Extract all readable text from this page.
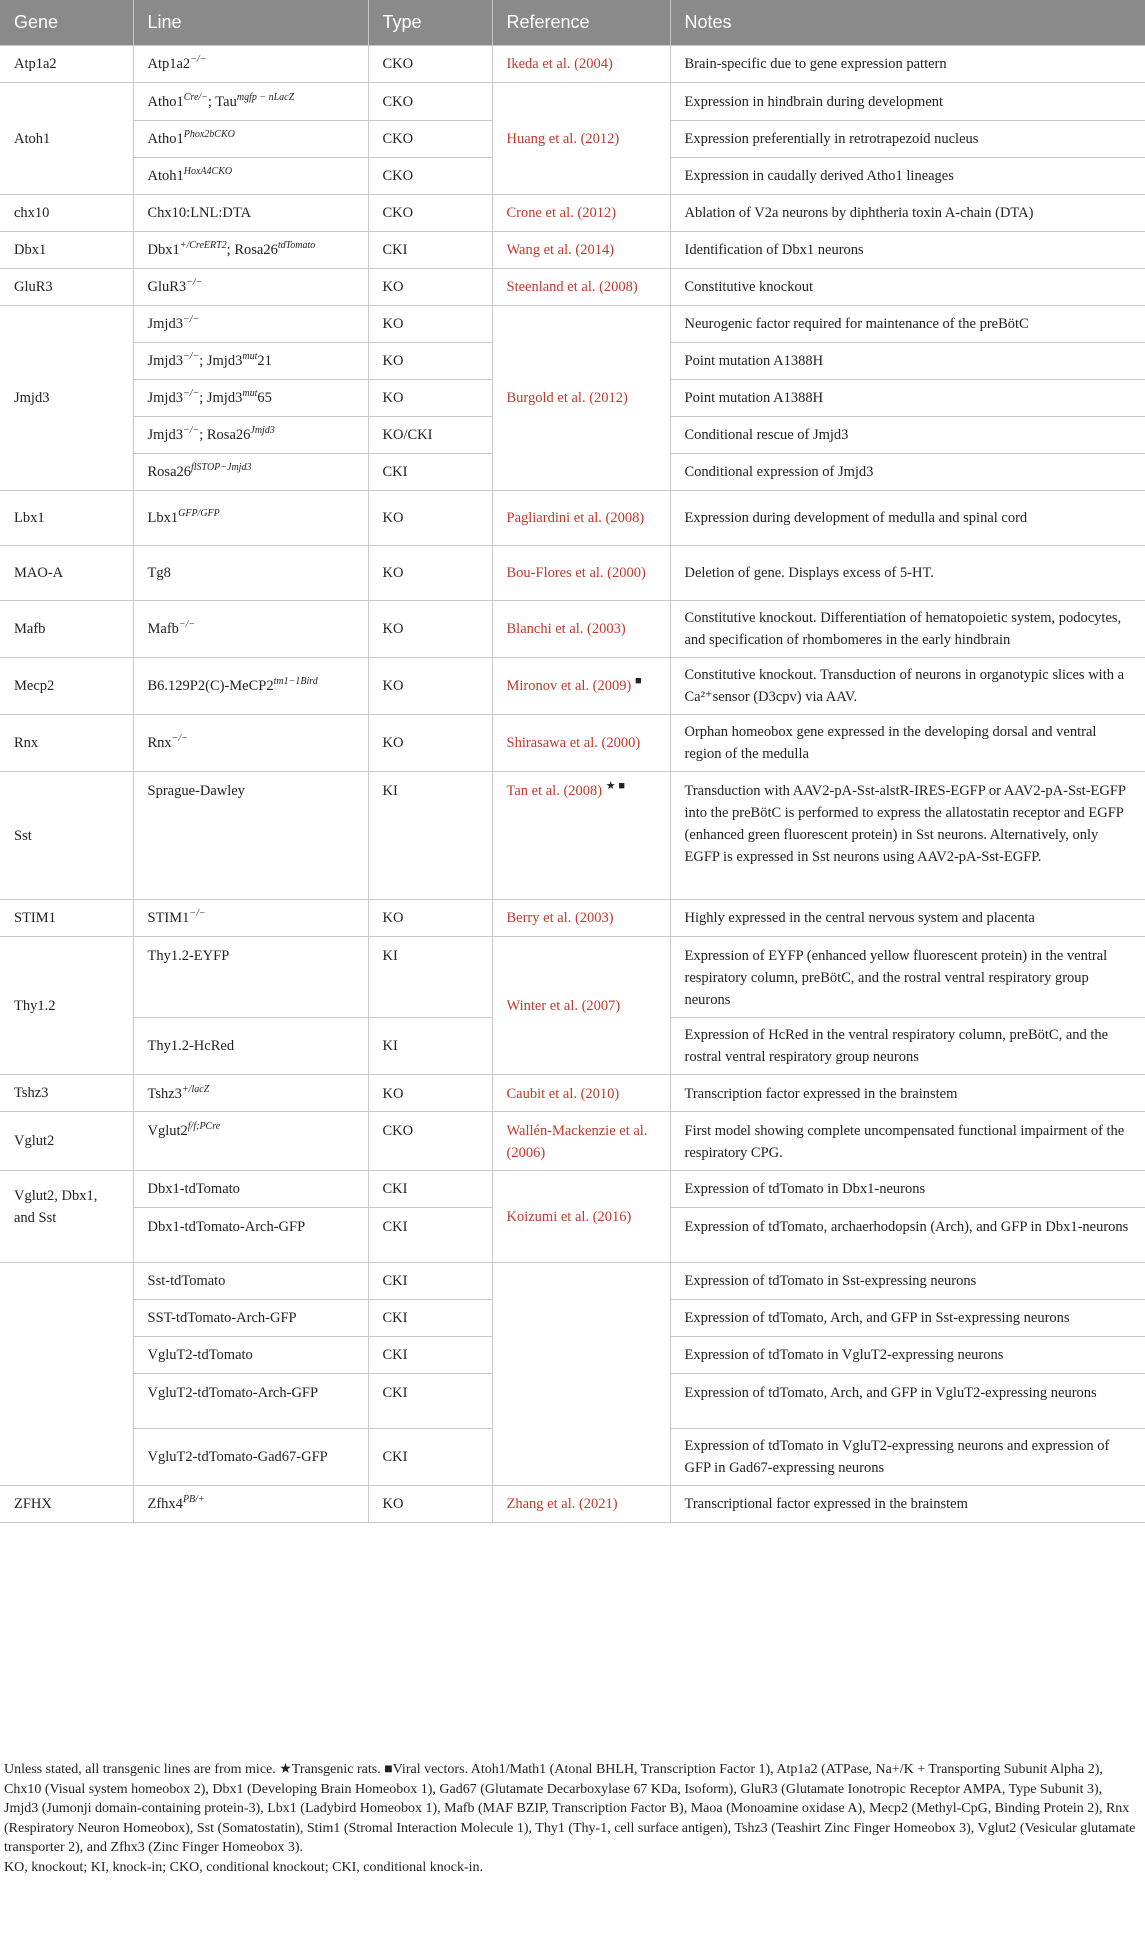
Gene	Line	Type	Reference	Notes
Atp1a2	Atp1a2−/−	CKO	Ikeda et al. (2004)	Brain-specific due to gene expression pattern
Atoh1	$Atho1^{Cre/-}$; Tau$^{mgfp - nLacZ}$	CKO	Huang et al. (2012)	Expression in hindbrain during development
	$Atho1^{Phox2bCKO}$	CKO		Expression preferentially in retrotrapezoid nucleus
	$Atoh1^{HoxA4CKO}$	CKO		Expression in caudally derived Atho1 lineages
chx10	Chx10:LNL:DTA	CKO	Crone et al. (2012)	Ablation of V2a neurons by diphtheria toxin A-chain (DTA)
Dbx1	$Dbx1^{+/CreERT2}$; $Rosa26^{tdTomato}$	CKI	Wang et al. (2014)	Identification of Dbx1 neurons
GluR3	GluR3−/−	KO	Steenland et al. (2008)	Constitutive knockout
Jmjd3	Jmjd3−/−	KO	Burgold et al. (2012)	Neurogenic factor required for maintenance of the preBötC
	Jmjd3−/−; $Jmjd3^{mut}21$	KO		Point mutation A1388H
	Jmjd3−/−; $Jmjd3^{mut}65$	KO		Point mutation A1388H
	Jmjd3−/−; $Rosa26^{Jmjd3}$	KO/CKI		Conditional rescue of Jmjd3
	$Rosa26^{flSTOP-Jmjd3}$	CKI		Conditional expression of Jmjd3
Lbx1	$Lbx1^{GFP/GFP}$	KO	Pagliardini et al. (2008)	Expression during development of medulla and spinal cord
MAO-A	Tg8	KO	Bou-Flores et al. (2000)	Deletion of gene. Displays excess of 5-HT.
Mafb	Mafb−/−	KO	Blanchi et al. (2003)	Constitutive knockout. Differentiation of hematopoietic system, podocytes, and specification of rhombomeres in the early hindbrain
Mecp2	$B6.129P2(C)-MeCP2^{tm1-1Bird}$	KO	Mironov et al. (2009) ■	Constitutive knockout. Transduction of neurons in organotypic slices with a Ca²⁺sensor (D3cpv) via AAV.
Rnx	Rnx−/−	KO	Shirasawa et al. (2000)	Orphan homeobox gene expressed in the developing dorsal and ventral region of the medulla
Sst	Sprague-Dawley	KI	Tan et al. (2008) ★ ■	Transduction with AAV2-pA-Sst-alstR-IRES-EGFP or AAV2-pA-Sst-EGFP into the preBötC is performed to express the allatostatin receptor and EGFP (enhanced green fluorescent protein) in Sst neurons. Alternatively, only EGFP is expressed in Sst neurons using AAV2-pA-Sst-EGFP.
STIM1	STIM1−/−	KO	Berry et al. (2003)	Highly expressed in the central nervous system and placenta
Thy1.2	Thy1.2-EYFP	KI	Winter et al. (2007)	Expression of EYFP (enhanced yellow fluorescent protein) in the ventral respiratory column, preBötC, and the rostral ventral respiratory group neurons
	Thy1.2-HcRed	KI		Expression of HcRed in the ventral respiratory column, preBötC, and the rostral ventral respiratory group neurons
Tshz3	$Tshz3^{+/lacZ}$	KO	Caubit et al. (2010)	Transcription factor expressed in the brainstem
Vglut2	$Vglut2^{f/f;PCre}$	CKO	Wallén-Mackenzie et al. (2006)	First model showing complete uncompensated functional impairment of the respiratory CPG.
Vglut2, Dbx1, and Sst	Dbx1-tdTomato	CKI	Koizumi et al. (2016)	Expression of tdTomato in Dbx1-neurons
	Dbx1-tdTomato-Arch-GFP	CKI		Expression of tdTomato, archaerhodopsin (Arch), and GFP in Dbx1-neurons
	Sst-tdTomato	CKI		Expression of tdTomato in Sst-expressing neurons
	SST-tdTomato-Arch-GFP	CKI		Expression of tdTomato, Arch, and GFP in Sst-expressing neurons
	VgluT2-tdTomato	CKI		Expression of tdTomato in VgluT2-expressing neurons
	VgluT2-tdTomato-Arch-GFP	CKI		Expression of tdTomato, Arch, and GFP in VgluT2-expressing neurons
	VgluT2-tdTomato-Gad67-GFP	CKI		Expression of tdTomato in VgluT2-expressing neurons and expression of GFP in Gad67-expressing neurons
ZFHX	$Zfhx4^{PB/+}$	KO	Zhang et al. (2021)	Transcriptional factor expressed in the brainstem
Unless stated, all transgenic lines are from mice. ★Transgenic rats. ■Viral vectors. Atoh1/Math1 (Atonal BHLH, Transcription Factor 1), Atp1a2 (ATPase, Na+/K + Transporting Subunit Alpha 2), Chx10 (Visual system homeobox 2), Dbx1 (Developing Brain Homeobox 1), Gad67 (Glutamate Decarboxylase 67 KDa, Isoform), GluR3 (Glutamate Ionotropic Receptor AMPA, Type Subunit 3), Jmjd3 (Jumonji domain-containing protein-3), Lbx1 (Ladybird Homeobox 1), Mafb (MAF BZIP, Transcription Factor B), Maoa (Monoamine oxidase A), Mecp2 (Methyl-CpG, Binding Protein 2), Rnx (Respiratory Neuron Homeobox), Sst (Somatostatin), Stim1 (Stromal Interaction Molecule 1), Thy1 (Thy-1, cell surface antigen), Tshz3 (Teashirt Zinc Finger Homeobox 3), Vglut2 (Vesicular glutamate transporter 2), and Zfhx3 (Zinc Finger Homeobox 3).
KO, knockout; KI, knock-in; CKO, conditional knockout; CKI, conditional knock-in.
